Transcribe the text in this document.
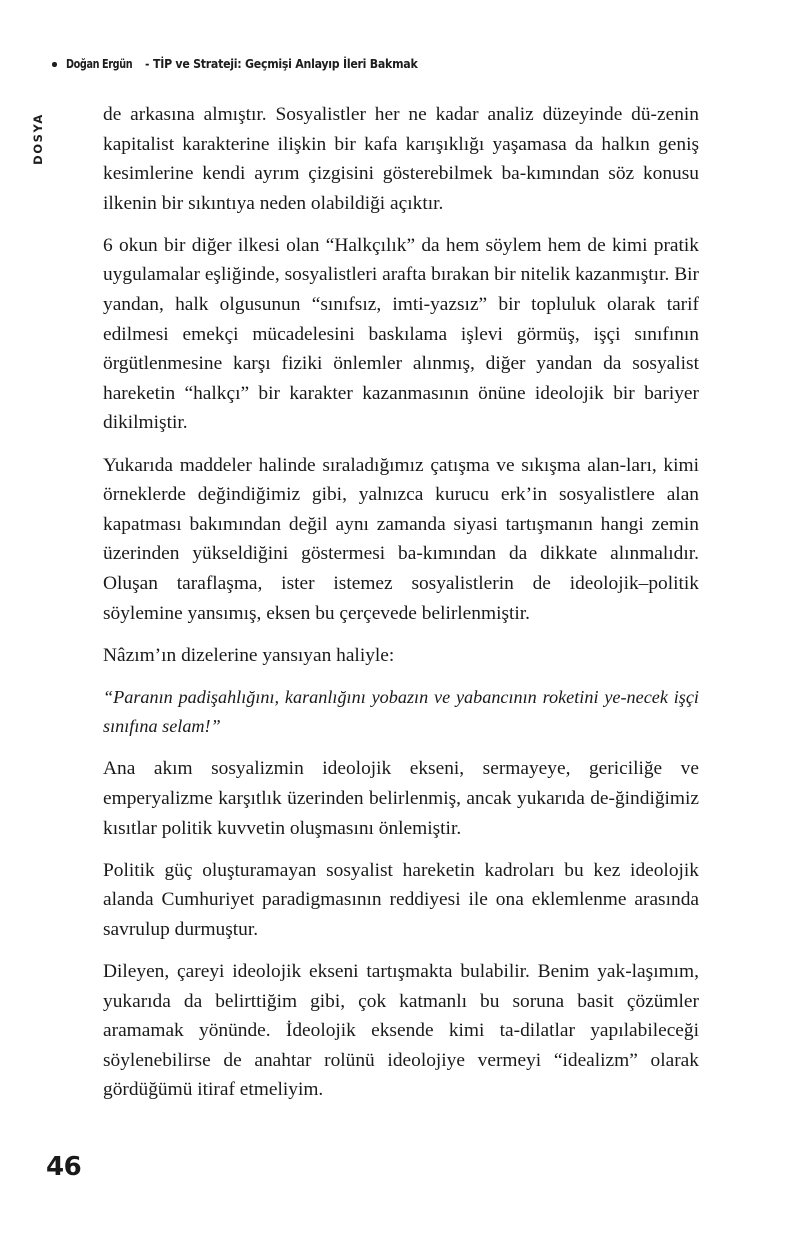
Doğan Ergün - TİP ve Strateji: Geçmişi Anlayıp İleri Bakmak
DOSYA	de arkasına almıştır. Sosyalistler her ne kadar analiz düzeyinde dü-zenin kapitalist karakterine ilişkin bir kafa karışıklığı yaşamasa da halkın geniş kesimlerine kendi ayrım çizgisini gösterebilmek ba-kımından söz konusu ilkenin bir sıkıntıya neden olabildiği açıktır.

6 okun bir diğer ilkesi olan “Halkçılık” da hem söylem hem de kimi pratik uygulamalar eşliğinde, sosyalistleri arafta bırakan bir nitelik kazanmıştır. Bir yandan, halk olgusunun “sınıfsız, imti-yazsız” bir topluluk olarak tarif edilmesi emekçi mücadelesini baskılama işlevi görmüş, işçi sınıfının örgütlenmesine karşı fiziki önlemler alınmış, diğer yandan da sosyalist hareketin “halkçı” bir karakter kazanmasının önüne ideolojik bir bariyer dikilmiştir.

Yukarıda maddeler halinde sıraladığımız çatışma ve sıkışma alan-ları, kimi örneklerde değindiğimiz gibi, yalnızca kurucu erk’in sosyalistlere alan kapatması bakımından değil aynı zamanda siyasi tartışmanın hangi zemin üzerinden yükseldiğini göstermesi ba-kımından da dikkate alınmalıdır. Oluşan taraflaşma, ister istemez sosyalistlerin de ideolojik–politik söylemine yansımış, eksen bu çerçevede belirlenmiştir.

Nâzım’ın dizelerine yansıyan haliyle:

“Paranın padişahlığını, karanlığını yobazın ve yabancının roketini ye-necek işçi sınıfına selam!”

Ana akım sosyalizmin ideolojik ekseni, sermayeye, gericiliğe ve emperyalizme karşıtlık üzerinden belirlenmiş, ancak yukarıda de-ğindiğimiz kısıtlar politik kuvvetin oluşmasını önlemiştir.

Politik güç oluşturamayan sosyalist hareketin kadroları bu kez ideolojik alanda Cumhuriyet paradigmasının reddiyesi ile ona eklemlenme arasında savrulup durmuştur.

Dileyen, çareyi ideolojik ekseni tartışmakta bulabilir. Benim yak-laşımım, yukarıda da belirttiğim gibi, çok katmanlı bu soruna basit çözümler aramamak yönünde. İdeolojik eksende kimi ta-dilatlar yapılabileceği söylenebilirse de anahtar rolünü ideolojiye vermeyi “idealizm” olarak gördüğümü itiraf etmeliyim.

46
